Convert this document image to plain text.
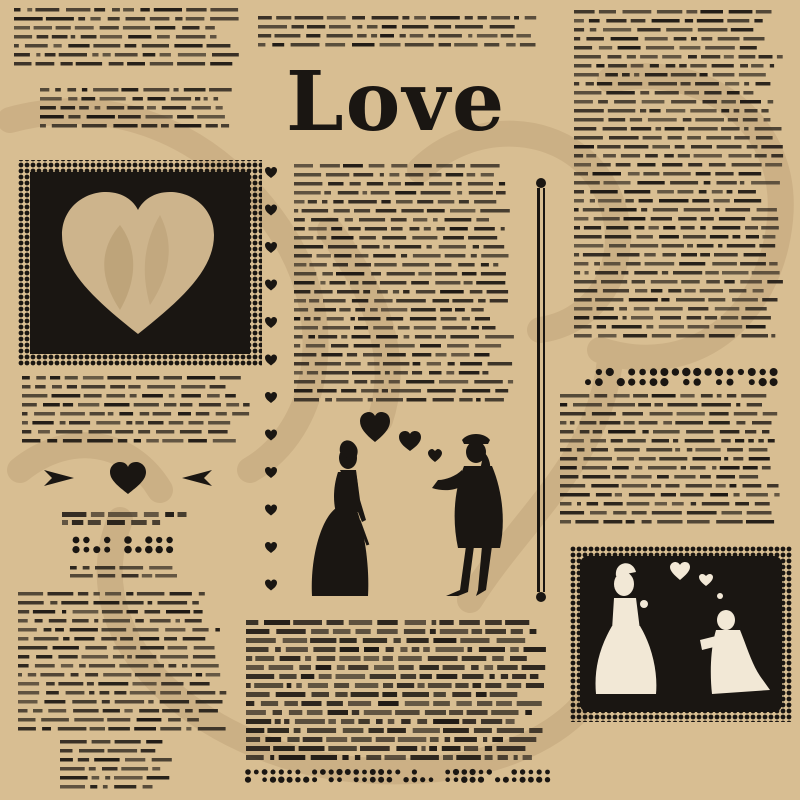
Love
